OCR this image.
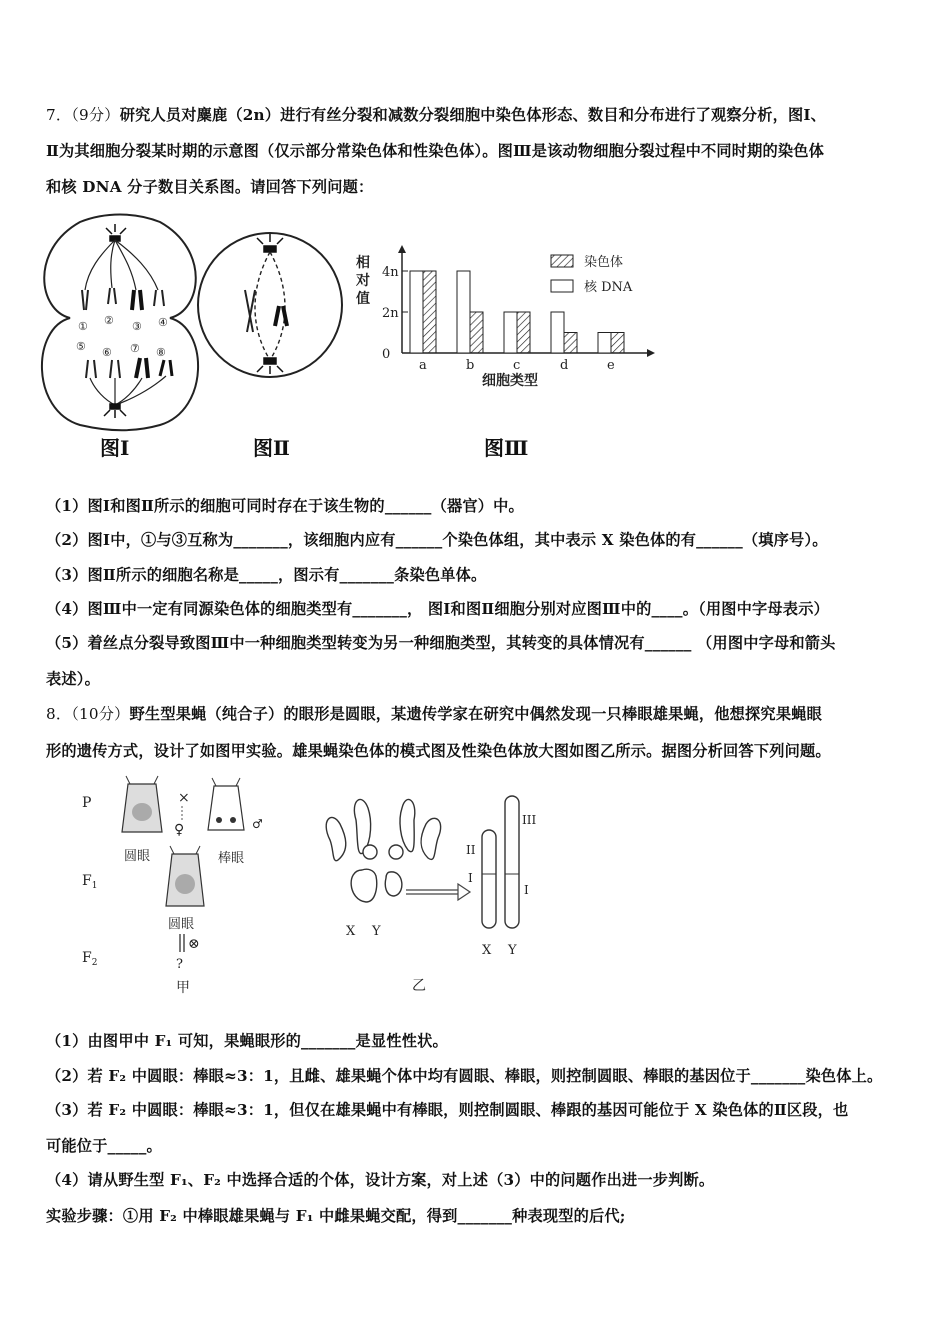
7．（9分）研究人员对麋鹿（2n）进行有丝分裂和减数分裂细胞中染色体形态、数目和分布进行了观察分析，图Ⅰ、
Ⅱ为其细胞分裂某时期的示意图（仅示部分常染色体和性染色体）。图Ⅲ是该动物细胞分裂过程中不同时期的染色体
和核 DNA 分子数目关系图。请回答下列问题：
① ② ③ ④
⑤ ⑥ ⑦ ⑧
图Ⅰ	图Ⅱ
相
对
值
0
2n
4n
a	b	c	d	e
染色体
核 DNA
细胞类型
图Ⅲ
（1）图Ⅰ和图Ⅱ所示的细胞可同时存在于该生物的______（器官）中。
（2）图Ⅰ中，①与③互称为_______，该细胞内应有______个染色体组，其中表示 X 染色体的有______（填序号）。
（3）图Ⅱ所示的细胞名称是_____，图示有_______条染色单体。
（4）图Ⅲ中一定有同源染色体的细胞类型有_______， 图Ⅰ和图Ⅱ细胞分别对应图Ⅲ中的____。（用图中字母表示）
（5）着丝点分裂导致图Ⅲ中一种细胞类型转变为另一种细胞类型，其转变的具体情况有______ （用图中字母和箭头
表述）。
8．（10分）野生型果蝇（纯合子）的眼形是圆眼，某遗传学家在研究中偶然发现一只棒眼雄果蝇，他想探究果蝇眼
形的遗传方式，设计了如图甲实验。雄果蝇染色体的模式图及性染色体放大图如图乙所示。据图分析回答下列问题。
P
$F_1$
$F_2$
×
♀	♂
圆眼	棒眼
圆眼
⊗
?
甲
X Y
II
I
III
I
X Y
乙
（1）由图甲中 F₁ 可知，果蝇眼形的_______是显性性状。
（2）若 F₂ 中圆眼：棒眼≈3：1，且雌、雄果蝇个体中均有圆眼、棒眼，则控制圆眼、棒眼的基因位于_______染色体上。
（3）若 F₂ 中圆眼：棒眼≈3：1，但仅在雄果蝇中有棒眼，则控制圆眼、棒跟的基因可能位于 X 染色体的Ⅱ区段，也
可能位于_____。
（4）请从野生型 F₁、F₂ 中选择合适的个体，设计方案，对上述（3）中的问题作出进一步判断。
实验步骤：①用 F₂ 中棒眼雄果蝇与 F₁ 中雌果蝇交配，得到_______种表现型的后代;
